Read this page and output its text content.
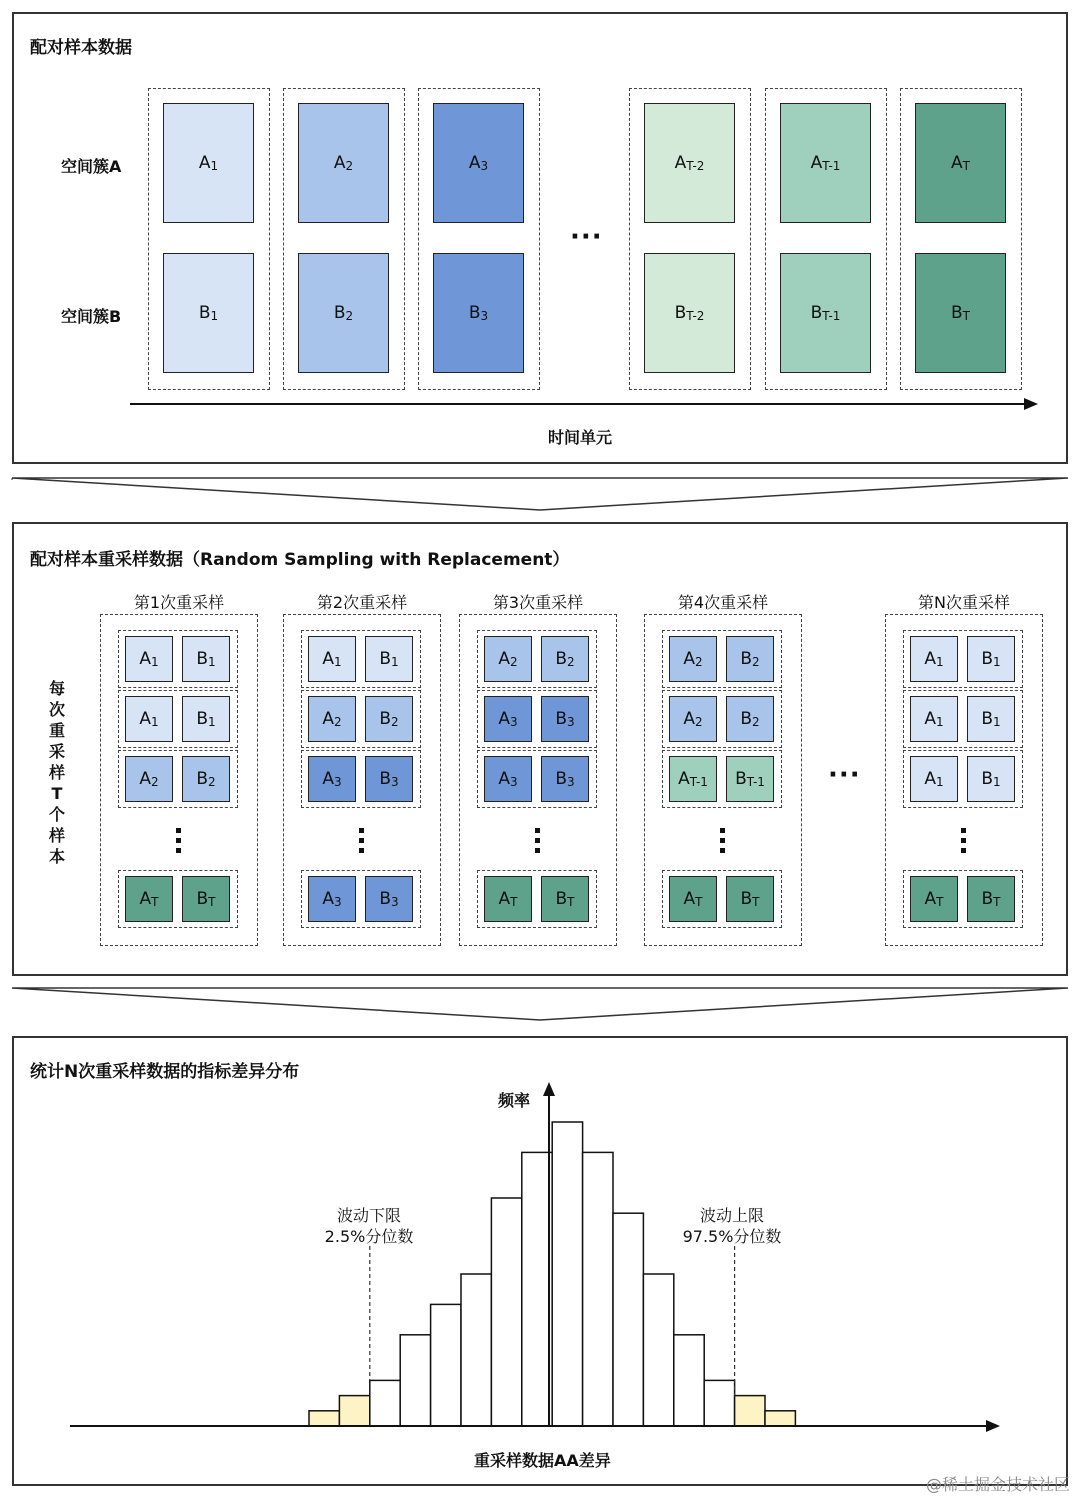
配对样本数据
空间簇A
空间簇B
$A_1$
$B_1$
$A_2$
$B_2$
$A_3$
$B_3$
$A_{T-2}$
$B_{T-2}$
$A_{T-1}$
$B_{T-1}$
$A_T$
$B_T$
···
时间单元
配对样本重采样数据（Random Sampling with Replacement）
每次重采样T个样本
第1次重采样
$A_1$ $B_1$
$A_1$ $B_1$
$A_2$ $B_2$
$A_T$ $B_T$
第2次重采样
$A_1$ $B_1$
$A_2$ $B_2$
$A_3$ $B_3$
$A_3$ $B_3$
第3次重采样
$A_2$ $B_2$
$A_3$ $B_3$
$A_3$ $B_3$
$A_T$ $B_T$
第4次重采样
$A_2$ $B_2$
$A_2$ $B_2$
$A_{T-1}$ $B_{T-1}$
$A_T$ $B_T$
第N次重采样
$A_1$ $B_1$
$A_1$ $B_1$
$A_1$ $B_1$
$A_T$ $B_T$
···
统计N次重采样数据的指标差异分布
频率
重采样数据AA差异
波动下限
2.5%分位数
波动上限
97.5%分位数
@稀土掘金技术社区
